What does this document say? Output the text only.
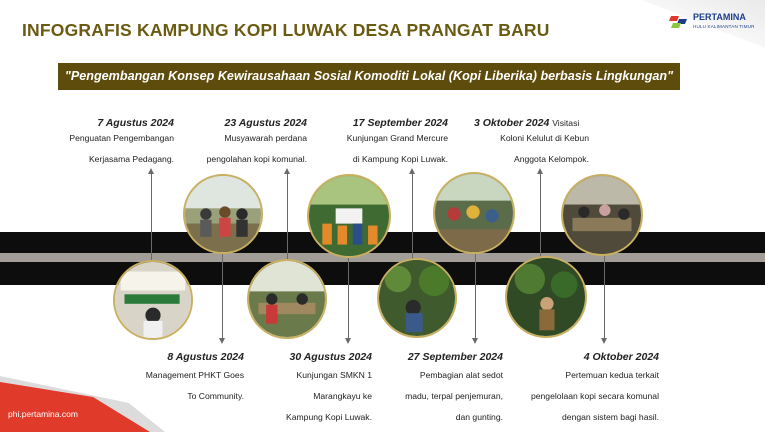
INFOGRAFIS KAMPUNG KOPI LUWAK DESA PRANGAT BARU
PERTAMINA
HULU KALIMANTAN TIMUR
"Pengembangan Konsep Kewirausahaan Sosial Komoditi Lokal (Kopi Liberika) berbasis Lingkungan"
7 Agustus 2024
Penguatan Pengembangan
Kerjasama Pedagang.
23 Agustus 2024
Musyawarah perdana
pengolahan kopi komunal.
17 September 2024
Kunjungan Grand Mercure
di Kampung Kopi Luwak.
3 Oktober 2024 Visitasi
Koloni Kelulut di Kebun
Anggota Kelompok.
8 Agustus 2024
Management PHKT Goes
To Community.
30 Agustus 2024
Kunjungan SMKN 1
Marangkayu ke
Kampung Kopi Luwak.
27 September 2024
Pembagian alat sedot
madu, terpal penjemuran,
dan gunting.
4 Oktober 2024
Pertemuan kedua terkait
pengelolaan kopi secara komunal
dengan sistem bagi hasil.
phi.pertamina.com
